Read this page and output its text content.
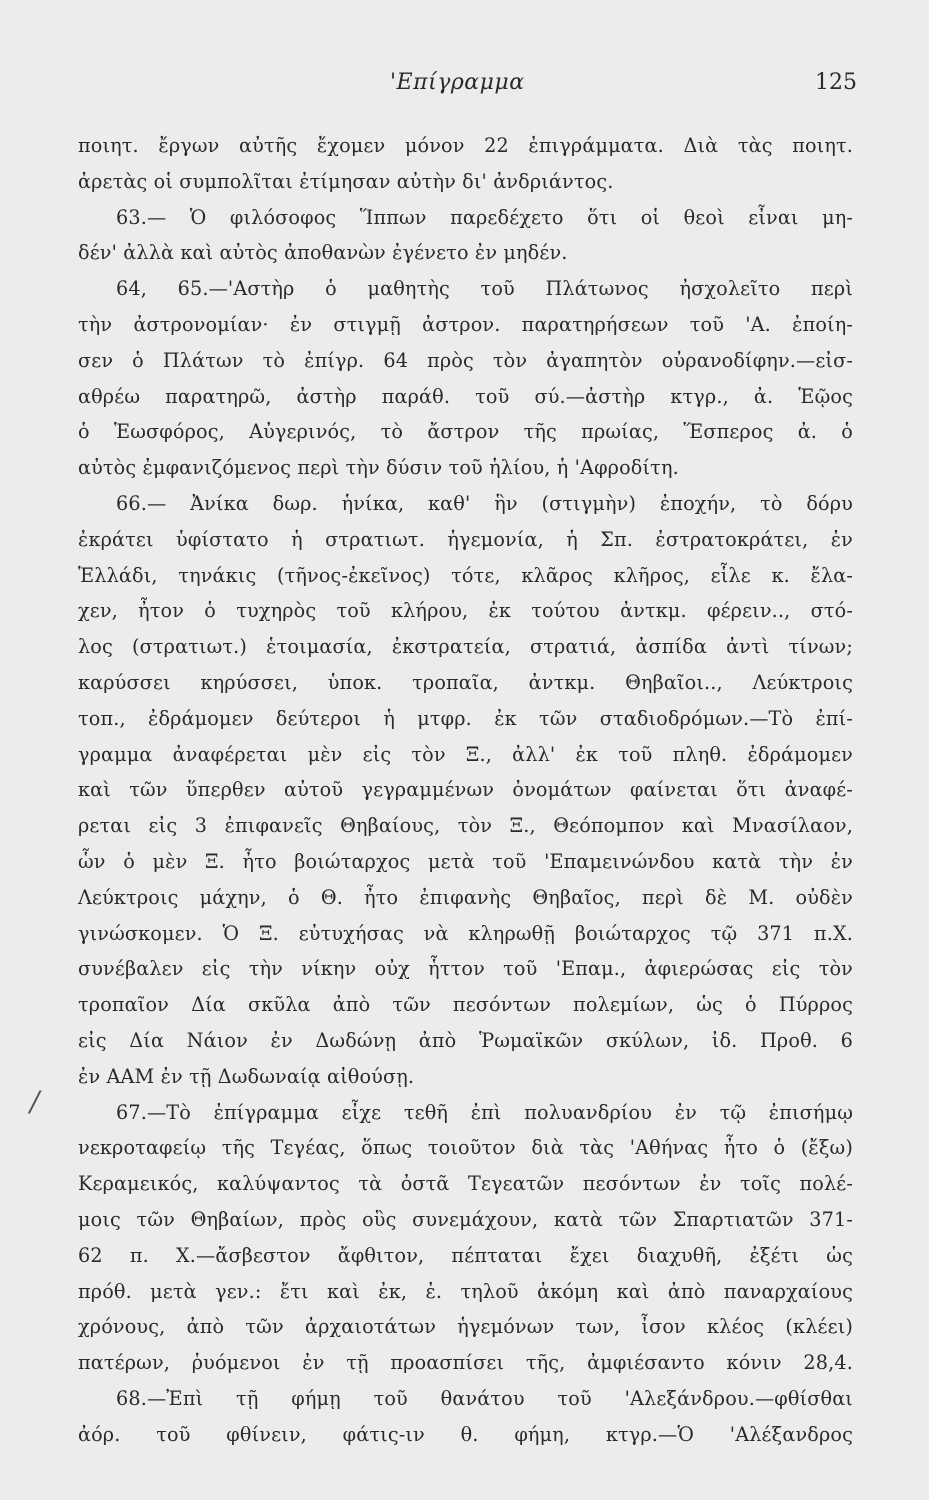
'Επίγραμμα	125
/
ποιητ. ἔργων αὐτῆς ἔχομεν μόνον 22 ἐπιγράμματα. Διὰ τὰς ποιητ.
ἀρετὰς οἱ συμπολῖται ἐτίμησαν αὐτὴν δι' ἀνδριάντος.
63.— Ὁ φιλόσοφος Ἵππων παρεδέχετο ὅτι οἱ θεοὶ εἶναι μη-
δέν' ἀλλὰ καὶ αὐτὸς ἀποθανὼν ἐγένετο ἐν μηδέν.
64, 65.—'Αστὴρ ὁ μαθητὴς τοῦ Πλάτωνος ἠσχολεῖτο περὶ
τὴν ἀστρονομίαν· ἐν στιγμῇ ἀστρον. παρατηρήσεων τοῦ 'Α. ἐποίη-
σεν ὁ Πλάτων τὸ ἐπίγρ. 64 πρὸς τὸν ἀγαπητὸν οὐρανοδίφην.—εἰσ-
αθρέω παρατηρῶ, ἀστὴρ παράθ. τοῦ σύ.—ἀστὴρ κτγρ., ἀ. Ἑῷος
ὁ Ἑωσφόρος, Αὐγερινός, τὸ ἄστρον τῆς πρωίας, Ἕσπερος ἀ. ὁ
αὐτὸς ἐμφανιζόμενος περὶ τὴν δύσιν τοῦ ἡλίου, ἡ 'Αφροδίτη.
66.— Ἀνίκα δωρ. ἡνίκα, καθ' ἣν (στιγμὴν) ἐποχήν, τὸ δόρυ
ἐκράτει ὑφίστατο ἡ στρατιωτ. ἡγεμονία, ἡ Σπ. ἐστρατοκράτει, ἐν
Ἑλλάδι, τηνάκις (τῆνος-ἐκεῖνος) τότε, κλᾶρος κλῆρος, εἷλε κ. ἔλα-
χεν, ἦτον ὁ τυχηρὸς τοῦ κλήρου, ἐκ τούτου ἀντκμ. φέρειν.., στό-
λος (στρατιωτ.) ἑτοιμασία, ἐκστρατεία, στρατιά, ἀσπίδα ἀντὶ τίνων;
καρύσσει κηρύσσει, ὑποκ. τροπαῖα, ἀντκμ. Θηβαῖοι.., Λεύκτροις
τοπ., ἐδράμομεν δεύτεροι ἡ μτφρ. ἐκ τῶν σταδιοδρόμων.—Τὸ ἐπί-
γραμμα ἀναφέρεται μὲν εἰς τὸν Ξ., ἀλλ' ἐκ τοῦ πληθ. ἐδράμομεν
καὶ τῶν ὕπερθεν αὐτοῦ γεγραμμένων ὀνομάτων φαίνεται ὅτι ἀναφέ-
ρεται εἰς 3 ἐπιφανεῖς Θηβαίους, τὸν Ξ., Θεόπομπον καὶ Μνασίλαον,
ὧν ὁ μὲν Ξ. ἦτο βοιώταρχος μετὰ τοῦ 'Επαμεινώνδου κατὰ τὴν ἐν
Λεύκτροις μάχην, ὁ Θ. ἦτο ἐπιφανὴς Θηβαῖος, περὶ δὲ Μ. οὐδὲν
γινώσκομεν. Ὁ Ξ. εὐτυχήσας νὰ κληρωθῇ βοιώταρχος τῷ 371 π.Χ.
συνέβαλεν εἰς τὴν νίκην οὐχ ἧττον τοῦ 'Επαμ., ἀφιερώσας εἰς τὸν
τροπαῖον Δία σκῦλα ἀπὸ τῶν πεσόντων πολεμίων, ὡς ὁ Πύρρος
εἰς Δία Νάιον ἐν Δωδώνῃ ἀπὸ Ῥωμαϊκῶν σκύλων, ἰδ. Προθ. 6
ἐν ΑΑΜ ἐν τῇ Δωδωναίᾳ αἰθούσῃ.
67.—Τὸ ἐπίγραμμα εἶχε τεθῆ ἐπὶ πολυανδρίου ἐν τῷ ἐπισήμῳ
νεκροταφείῳ τῆς Τεγέας, ὅπως τοιοῦτον διὰ τὰς 'Αθήνας ἦτο ὁ (ἔξω)
Κεραμεικός, καλύψαντος τὰ ὀστᾶ Τεγεατῶν πεσόντων ἐν τοῖς πολέ-
μοις τῶν Θηβαίων, πρὸς οὓς συνεμάχουν, κατὰ τῶν Σπαρτιατῶν 371-
62 π. Χ.—ἄσβεστον ἄφθιτον, πέπταται ἔχει διαχυθῆ, ἐξέτι ὡς
πρόθ. μετὰ γεν.: ἔτι καὶ ἐκ, ἐ. τηλοῦ ἀκόμη καὶ ἀπὸ παναρχαίους
χρόνους, ἀπὸ τῶν ἀρχαιοτάτων ἡγεμόνων των, ἶσον κλέος (κλέει)
πατέρων, ῥυόμενοι ἐν τῇ προασπίσει τῆς, ἀμφιέσαντο κόνιν 28,4.
68.—Ἐπὶ τῇ φήμῃ τοῦ θανάτου τοῦ 'Αλεξάνδρου.—φθίσθαι
ἀόρ. τοῦ φθίνειν, φάτις-ιν θ. φήμη, κτγρ.—Ὁ 'Αλέξανδρος
